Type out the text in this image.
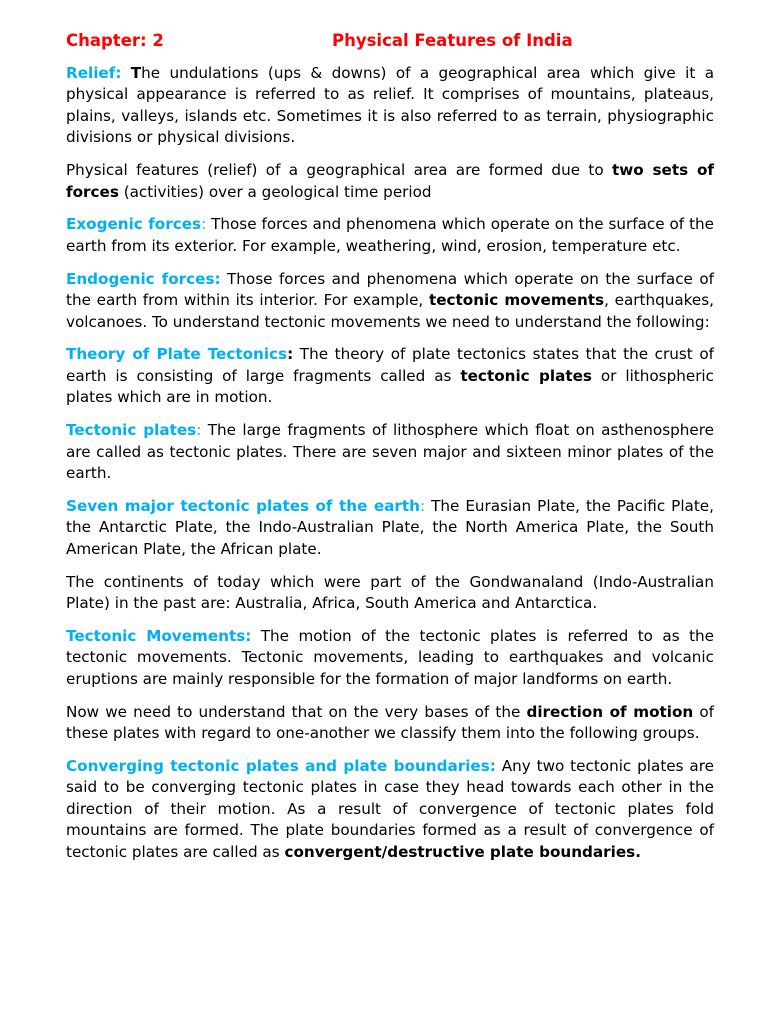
Chapter: 2	Physical Features of India

Relief: The undulations (ups & downs) of a geographical area which give it a physical appearance is referred to as relief. It comprises of mountains, plateaus, plains, valleys, islands etc. Sometimes it is also referred to as terrain, physiographic divisions or physical divisions.

Physical features (relief) of a geographical area are formed due to two sets of forces (activities) over a geological time period

Exogenic forces: Those forces and phenomena which operate on the surface of the earth from its exterior. For example, weathering, wind, erosion, temperature etc.

Endogenic forces: Those forces and phenomena which operate on the surface of the earth from within its interior. For example, tectonic movements, earthquakes, volcanoes. To understand tectonic movements we need to understand the following:

Theory of Plate Tectonics: The theory of plate tectonics states that the crust of earth is consisting of large fragments called as tectonic plates or lithospheric plates which are in motion.

Tectonic plates: The large fragments of lithosphere which float on asthenosphere are called as tectonic plates. There are seven major and sixteen minor plates of the earth.

Seven major tectonic plates of the earth: The Eurasian Plate, the Pacific Plate, the Antarctic Plate, the Indo-Australian Plate, the North America Plate, the South American Plate, the African plate.

The continents of today which were part of the Gondwanaland (Indo-Australian Plate) in the past are: Australia, Africa, South America and Antarctica.

Tectonic Movements: The motion of the tectonic plates is referred to as the tectonic movements. Tectonic movements, leading to earthquakes and volcanic eruptions are mainly responsible for the formation of major landforms on earth.

Now we need to understand that on the very bases of the direction of motion of these plates with regard to one-another we classify them into the following groups.

Converging tectonic plates and plate boundaries: Any two tectonic plates are said to be converging tectonic plates in case they head towards each other in the direction of their motion. As a result of convergence of tectonic plates fold mountains are formed. The plate boundaries formed as a result of convergence of tectonic plates are called as convergent/destructive plate boundaries.
